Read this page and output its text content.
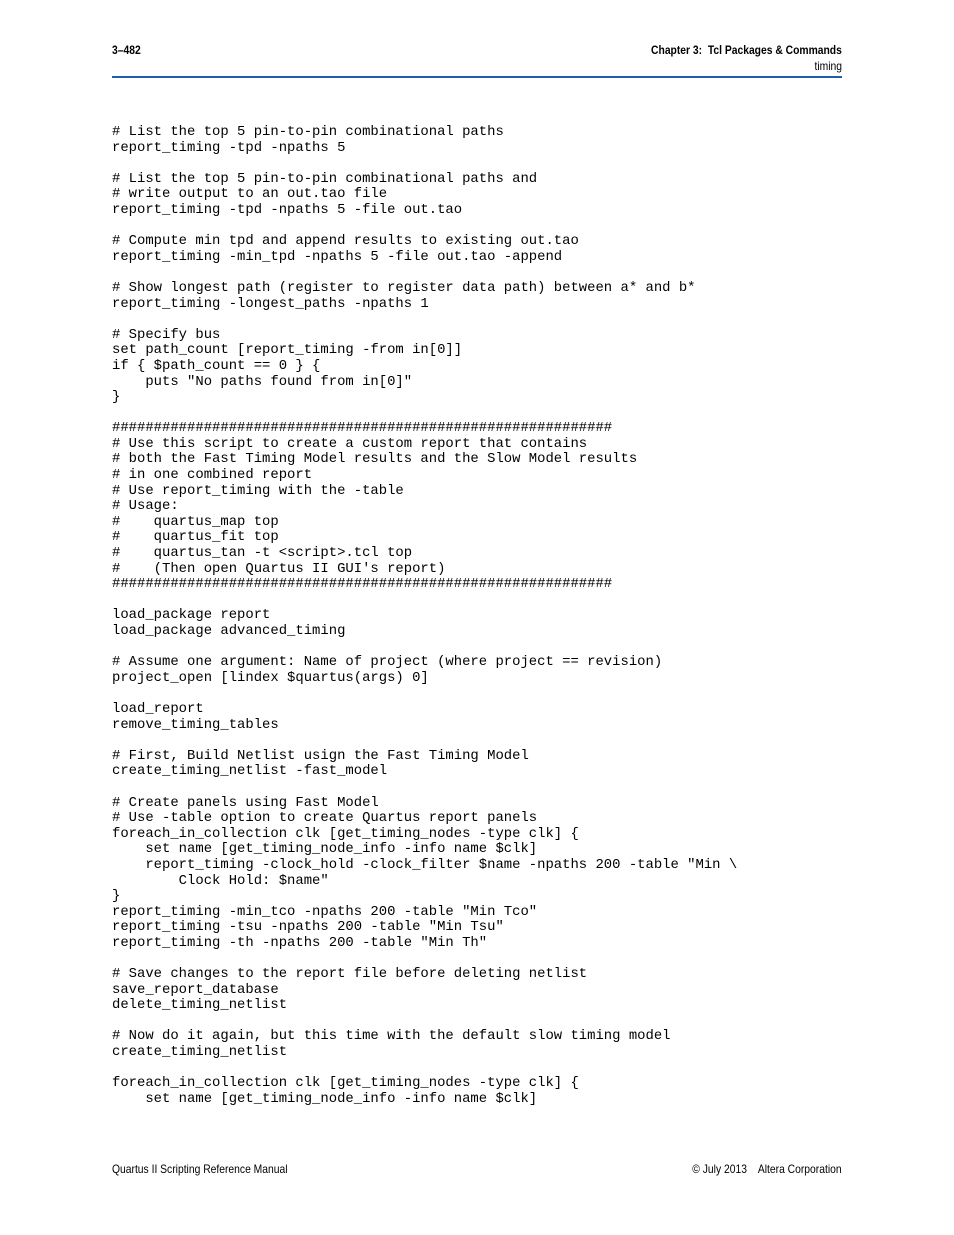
3–482	Chapter 3:  Tcl Packages & Commands
timing
# List the top 5 pin-to-pin combinational paths
report_timing -tpd -npaths 5
# List the top 5 pin-to-pin combinational paths and
# write output to an out.tao file
report_timing -tpd -npaths 5 -file out.tao
# Compute min tpd and append results to existing out.tao
report_timing -min_tpd -npaths 5 -file out.tao -append
# Show longest path (register to register data path) between a* and b*
report_timing -longest_paths -npaths 1
# Specify bus
set path_count [report_timing -from in[0]]
if { $path_count == 0 } {
puts "No paths found from in[0]"
}
############################################################
# Use this script to create a custom report that contains
# both the Fast Timing Model results and the Slow Model results
# in one combined report
# Use report_timing with the -table
# Usage:
#    quartus_map top
#    quartus_fit top
#    quartus_tan -t <script>.tcl top
#    (Then open Quartus II GUI's report)
############################################################
load_package report
load_package advanced_timing
# Assume one argument: Name of project (where project == revision)
project_open [lindex $quartus(args) 0]
load_report
remove_timing_tables
# First, Build Netlist usign the Fast Timing Model
create_timing_netlist -fast_model
# Create panels using Fast Model
# Use -table option to create Quartus report panels
foreach_in_collection clk [get_timing_nodes -type clk] {
set name [get_timing_node_info -info name $clk]
report_timing -clock_hold -clock_filter $name -npaths 200 -table "Min \
Clock Hold: $name"
}
report_timing -min_tco -npaths 200 -table "Min Tco"
report_timing -tsu -npaths 200 -table "Min Tsu"
report_timing -th -npaths 200 -table "Min Th"
# Save changes to the report file before deleting netlist
save_report_database
delete_timing_netlist
# Now do it again, but this time with the default slow timing model
create_timing_netlist
foreach_in_collection clk [get_timing_nodes -type clk] {
set name [get_timing_node_info -info name $clk]
Quartus II Scripting Reference Manual	© July 2013    Altera Corporation
